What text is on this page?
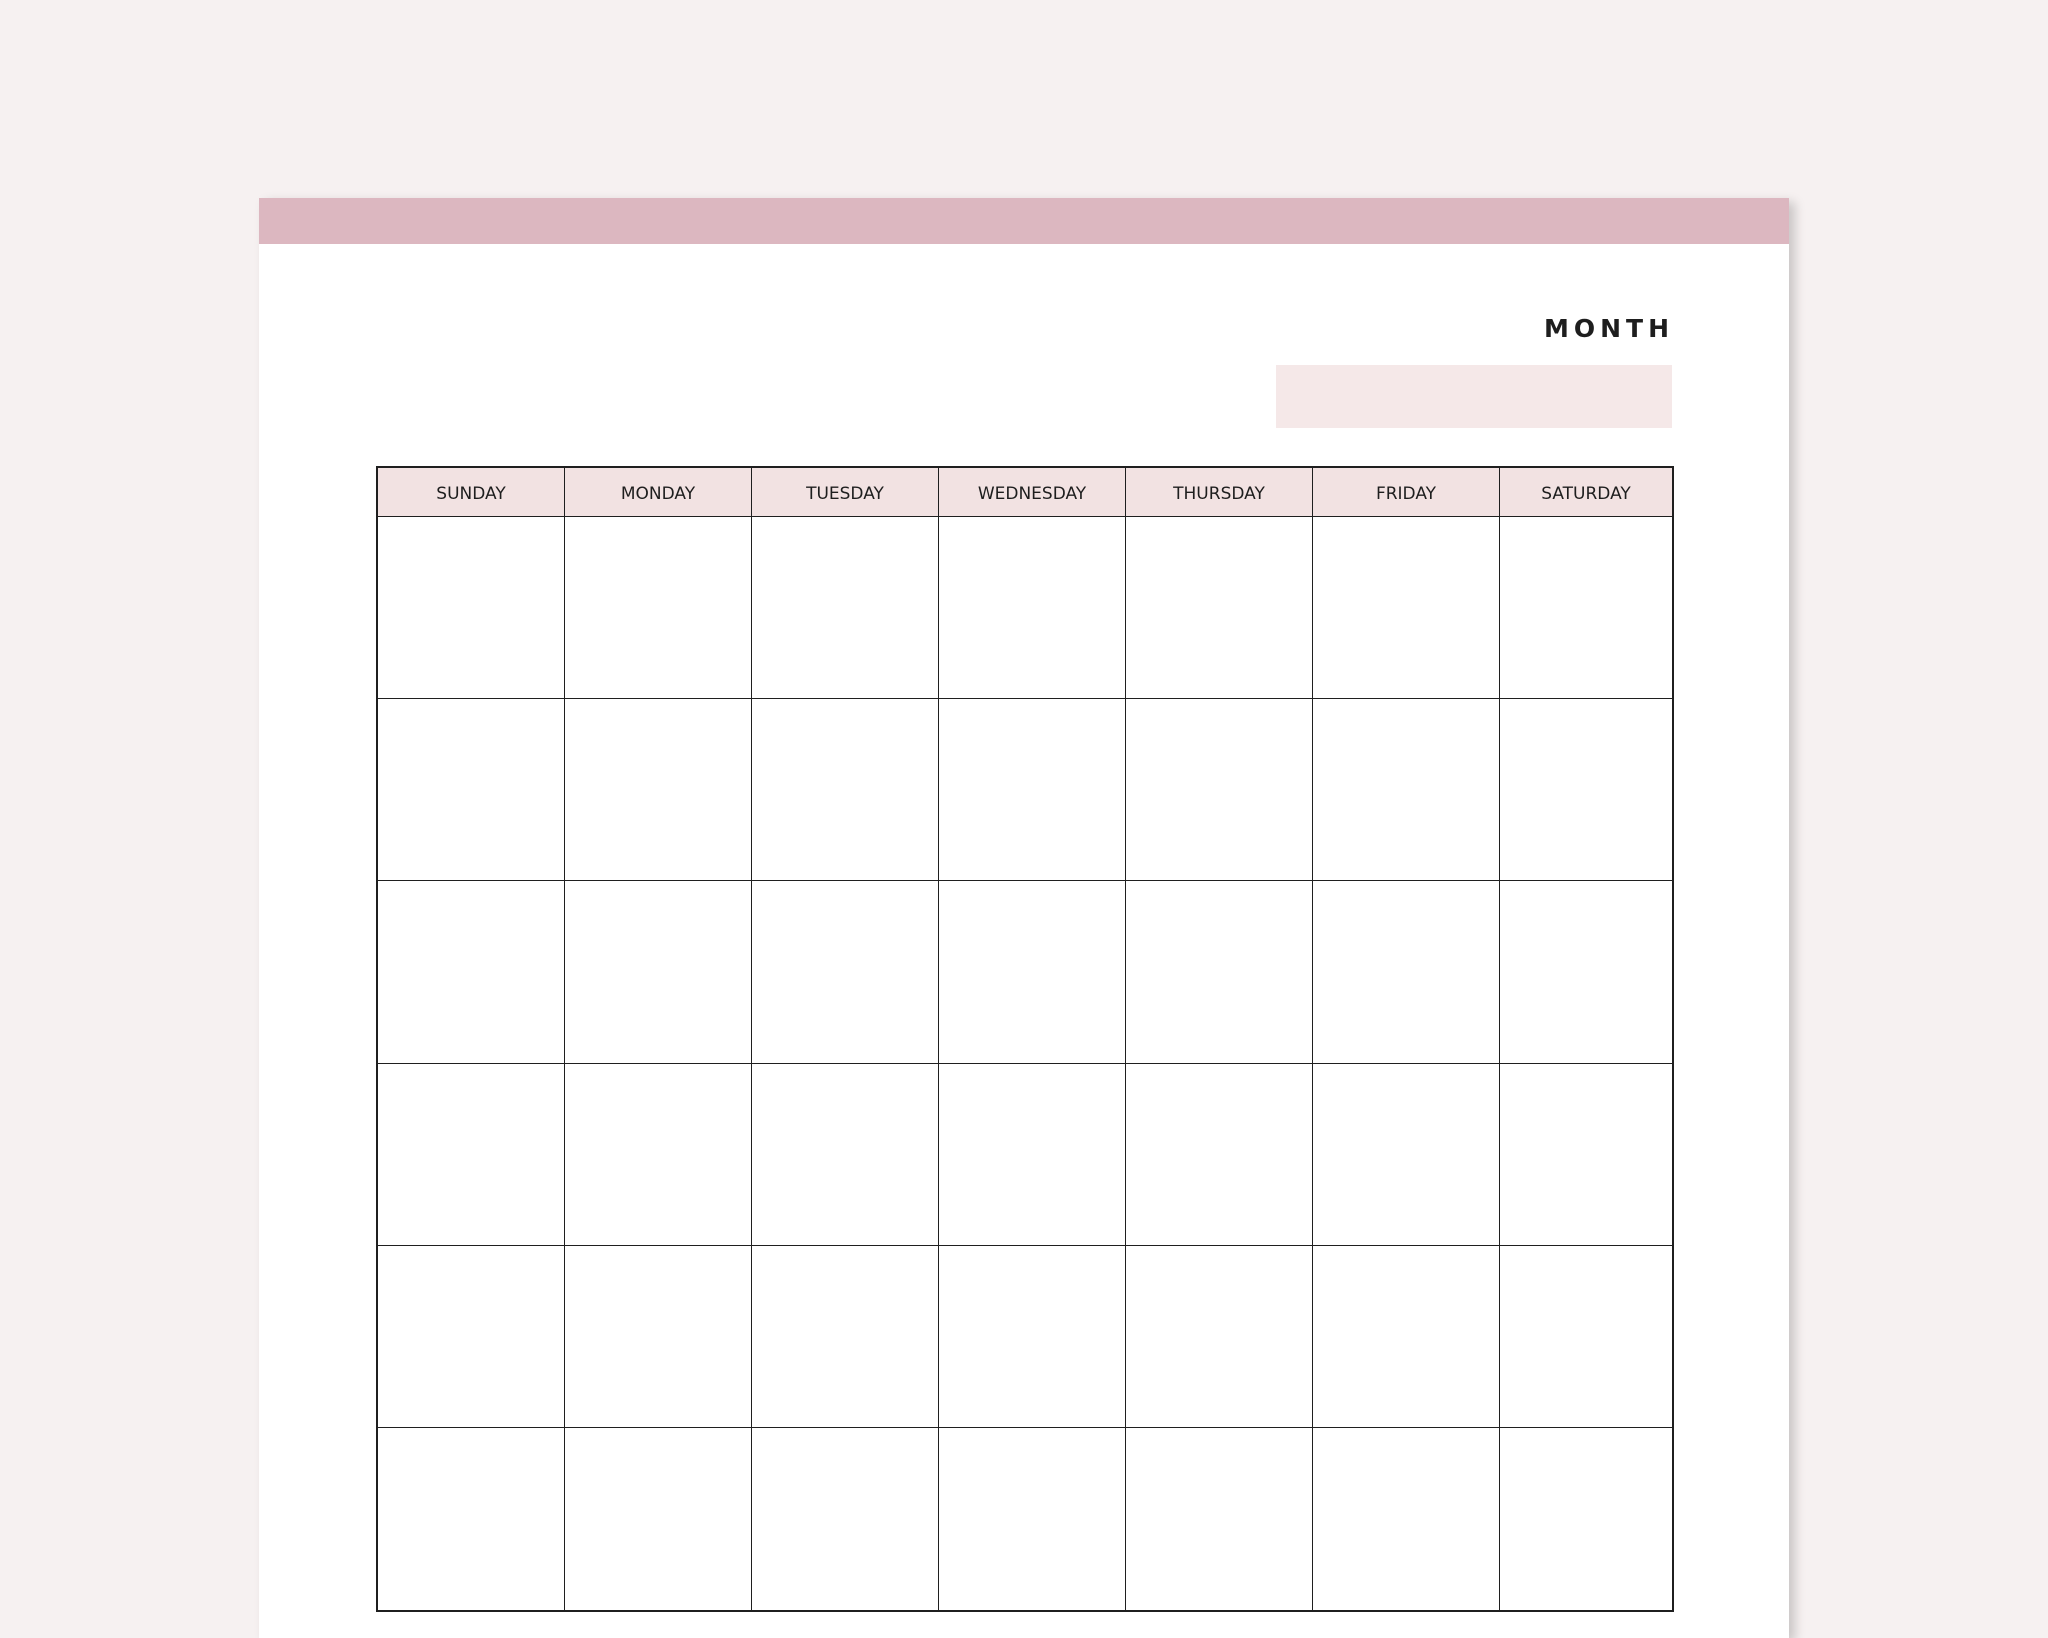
MONTH
SUNDAY	MONDAY	TUESDAY	WEDNESDAY	THURSDAY	FRIDAY	SATURDAY
